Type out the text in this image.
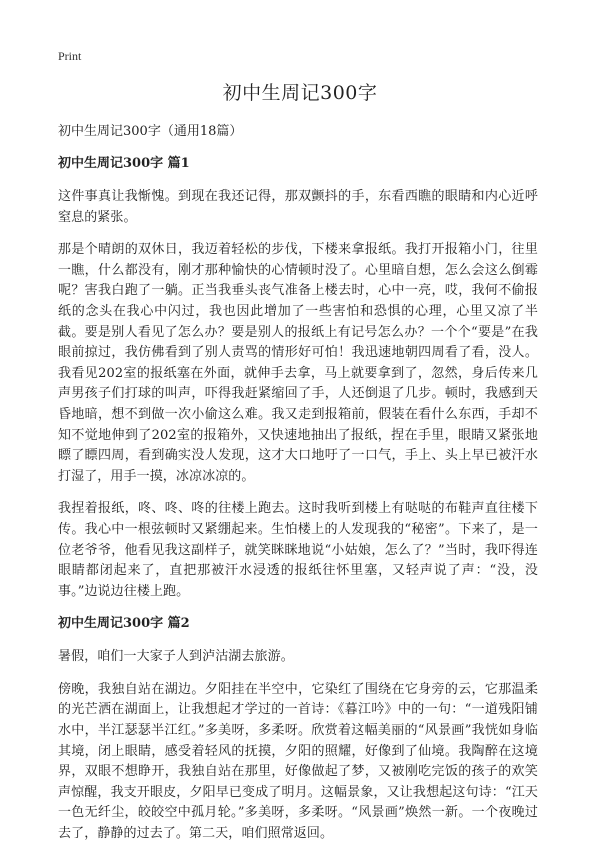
Print
初中生周记300字

初中生周记300字（通用18篇）

初中生周记300字 篇1

这件事真让我惭愧。到现在我还记得，那双颤抖的手，东看西瞧的眼睛和内心近呼窒息的紧张。

那是个晴朗的双休日，我迈着轻松的步伐，下楼来拿报纸。我打开报箱小门，往里一瞧，什么都没有，刚才那种愉快的心情顿时没了。心里暗自想，怎么会这么倒霉呢？害我白跑了一躺。正当我垂头丧气准备上楼去时，心中一亮，哎，我何不偷报纸的念头在我心中闪过，我也因此增加了一些害怕和恐惧的心理，心里又凉了半截。要是别人看见了怎么办？要是别人的报纸上有记号怎么办？一个个“要是”在我眼前掠过，我仿佛看到了别人责骂的情形好可怕！我迅速地朝四周看了看，没人。我看见202室的报纸塞在外面，就伸手去拿，马上就要拿到了，忽然，身后传来几声男孩子们打球的叫声，吓得我赶紧缩回了手，人还倒退了几步。顿时，我感到天昏地暗，想不到做一次小偷这么难。我又走到报箱前，假装在看什么东西，手却不知不觉地伸到了202室的报箱外，又快速地抽出了报纸，捏在手里，眼睛又紧张地瞟了瞟四周，看到确实没人发现，这才大口地吁了一口气，手上、头上早已被汗水打湿了，用手一摸，冰凉冰凉的。

我捏着报纸，咚、咚、咚的往楼上跑去。这时我听到楼上有哒哒的布鞋声直往楼下传。我心中一根弦顿时又紧绷起来。生怕楼上的人发现我的“秘密”。下来了，是一位老爷爷，他看见我这副样子，就笑眯眯地说“小姑娘，怎么了？”当时，我吓得连眼睛都闭起来了，直把那被汗水浸透的报纸往怀里塞，又轻声说了声：“没，没事。”边说边往楼上跑。

初中生周记300字 篇2

暑假，咱们一大家子人到泸沽湖去旅游。

傍晚，我独自站在湖边。夕阳挂在半空中，它染红了围绕在它身旁的云，它那温柔的光芒洒在湖面上，让我想起才学过的一首诗：《暮江吟》中的一句：“一道残阳铺水中，半江瑟瑟半江红。”多美呀，多柔呀。欣赏着这幅美丽的“风景画”我恍如身临其境，闭上眼睛，感受着轻风的抚摸，夕阳的照耀，好像到了仙境。我陶醉在这境界，双眼不想睁开，我独自站在那里，好像做起了梦，又被刚吃完饭的孩子的欢笑声惊醒，我支开眼皮，夕阳早已变成了明月。这幅景象，又让我想起这句诗：“江天一色无纤尘，皎皎空中孤月轮。”多美呀，多柔呀。“风景画”焕然一新。一个夜晚过去了，静静的过去了。第二天，咱们照常返回。
